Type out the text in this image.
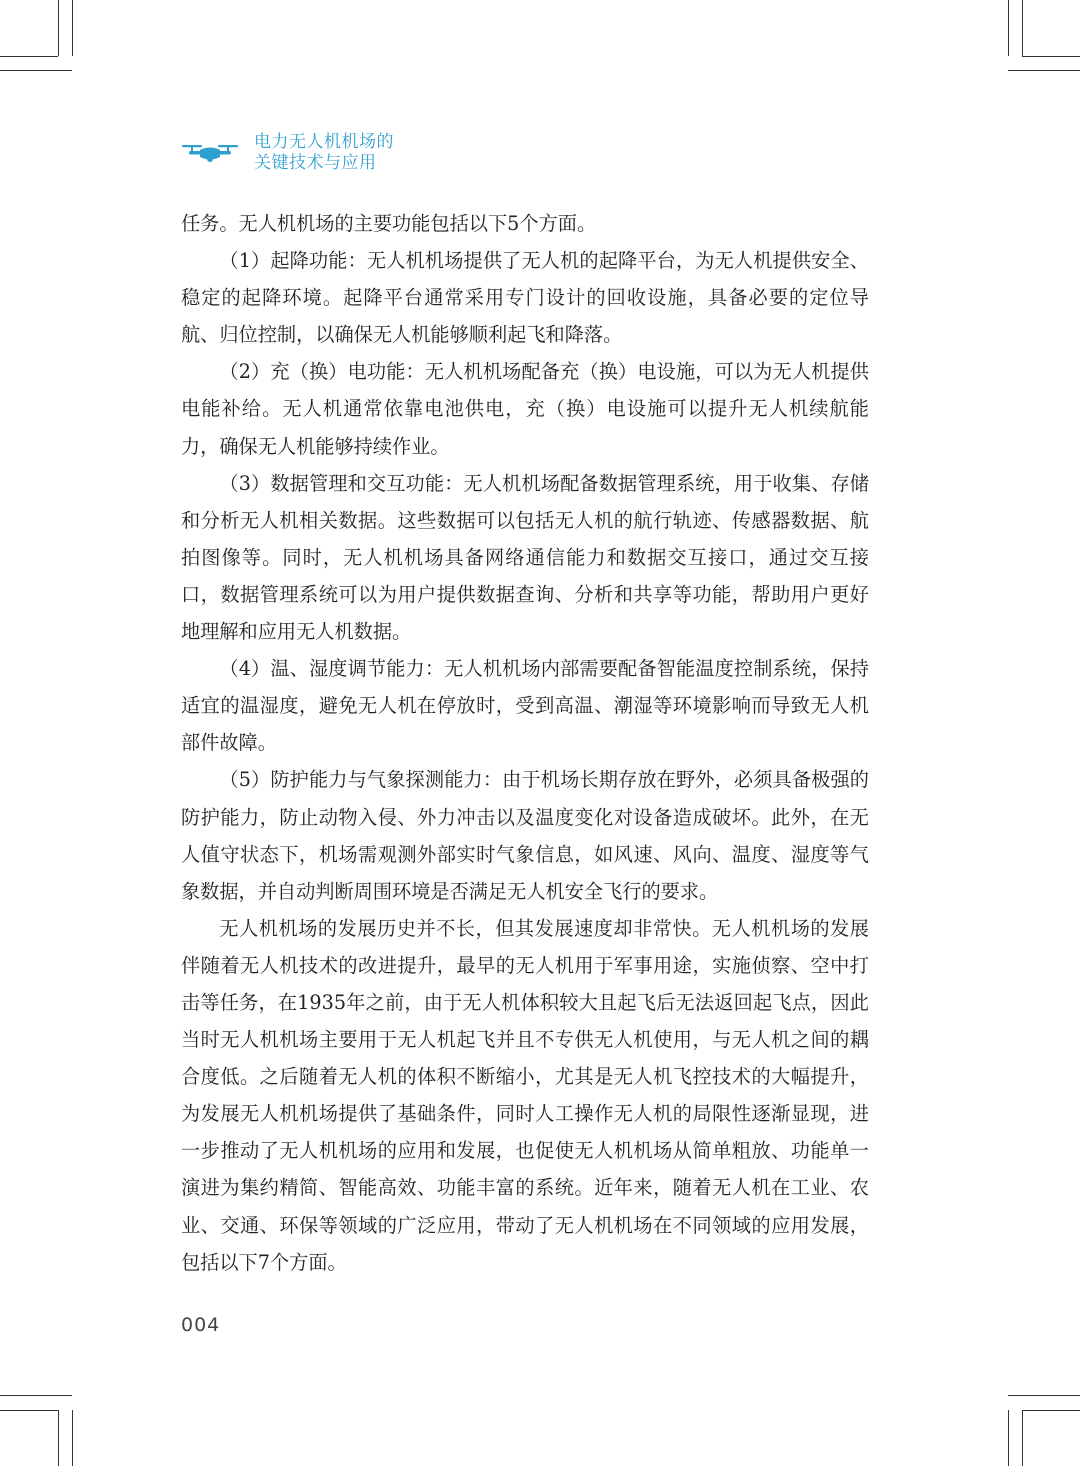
电力无人机机场的
关键技术与应用

任务。无人机机场的主要功能包括以下5个方面。

（1）起降功能：无人机机场提供了无人机的起降平台，为无人机提供安全、稳定的起降环境。起降平台通常采用专门设计的回收设施，具备必要的定位导航、归位控制，以确保无人机能够顺利起飞和降落。

（2）充（换）电功能：无人机机场配备充（换）电设施，可以为无人机提供电能补给。无人机通常依靠电池供电，充（换）电设施可以提升无人机续航能力，确保无人机能够持续作业。

（3）数据管理和交互功能：无人机机场配备数据管理系统，用于收集、存储和分析无人机相关数据。这些数据可以包括无人机的航行轨迹、传感器数据、航拍图像等。同时，无人机机场具备网络通信能力和数据交互接口，通过交互接口，数据管理系统可以为用户提供数据查询、分析和共享等功能，帮助用户更好地理解和应用无人机数据。

（4）温、湿度调节能力：无人机机场内部需要配备智能温度控制系统，保持适宜的温湿度，避免无人机在停放时，受到高温、潮湿等环境影响而导致无人机部件故障。

（5）防护能力与气象探测能力：由于机场长期存放在野外，必须具备极强的防护能力，防止动物入侵、外力冲击以及温度变化对设备造成破坏。此外，在无人值守状态下，机场需观测外部实时气象信息，如风速、风向、温度、湿度等气象数据，并自动判断周围环境是否满足无人机安全飞行的要求。

无人机机场的发展历史并不长，但其发展速度却非常快。无人机机场的发展伴随着无人机技术的改进提升，最早的无人机用于军事用途，实施侦察、空中打击等任务，在1935年之前，由于无人机体积较大且起飞后无法返回起飞点，因此当时无人机机场主要用于无人机起飞并且不专供无人机使用，与无人机之间的耦合度低。之后随着无人机的体积不断缩小，尤其是无人机飞控技术的大幅提升，为发展无人机机场提供了基础条件，同时人工操作无人机的局限性逐渐显现，进一步推动了无人机机场的应用和发展，也促使无人机机场从简单粗放、功能单一演进为集约精简、智能高效、功能丰富的系统。近年来，随着无人机在工业、农业、交通、环保等领域的广泛应用，带动了无人机机场在不同领域的应用发展，包括以下7个方面。

004
